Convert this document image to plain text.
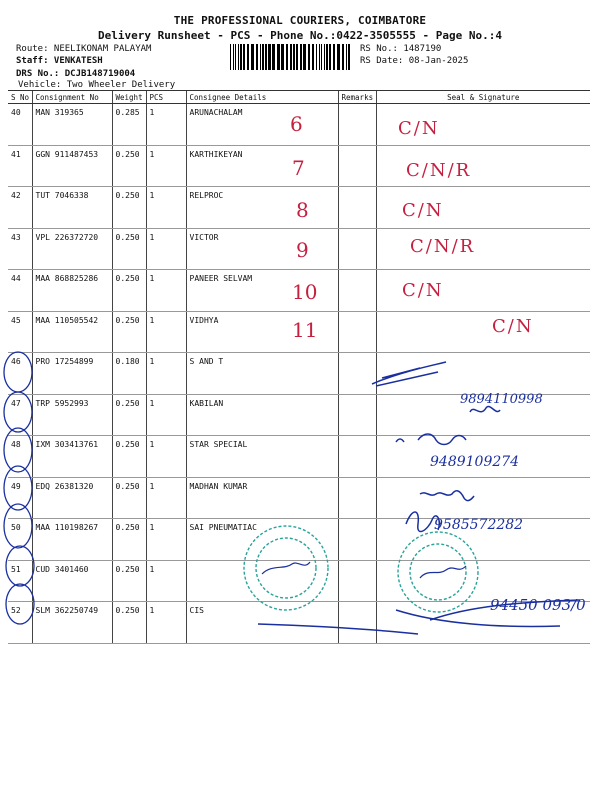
THE PROFESSIONAL COURIERS, COIMBATORE
Delivery Runsheet - PCS - Phone No.:0422-3505555 - Page No.:4
Route: NEELIKONAM PALAYAM
Staff: VENKATESH
DRS No.: DCJB148719004
Vehicle: Two Wheeler Delivery
RS No.: 1487190
RS Date: 08-Jan-2025
S No	Consignment No	Weight	PCS	Consignee Details	Remarks	Seal & Signature
40	MAN 319365	0.285	1	ARUNACHALAM		
41	GGN 911487453	0.250	1	KARTHIKEYAN		
42	TUT 7046338	0.250	1	RELPROC		
43	VPL 226372720	0.250	1	VICTOR		
44	MAA 868825286	0.250	1	PANEER SELVAM		
45	MAA 110505542	0.250	1	VIDHYA		
46	PRO 17254899	0.180	1	S AND T		
47	TRP 5952993	0.250	1	KABILAN		
48	IXM 303413761	0.250	1	STAR SPECIAL		
49	EDQ 26381320	0.250	1	MADHAN KUMAR		
50	MAA 110198267	0.250	1	SAI PNEUMATIAC		
51	CUD 3401460	0.250	1			
52	SLM 362250749	0.250	1	CIS		
6
7
8
9
10
11
C/N
C/N/R
C/N
C/N/R
C/N
C/N
9894110998
9489109274
9585572282
94450 093/0
